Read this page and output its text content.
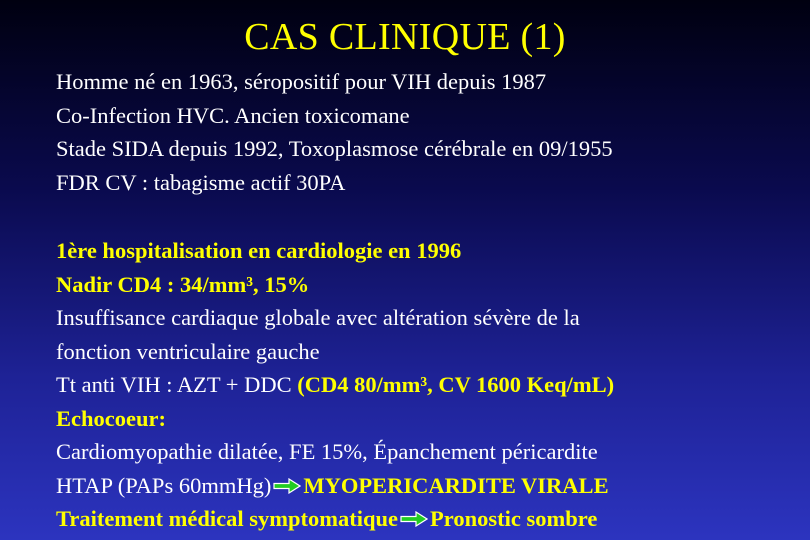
CAS CLINIQUE (1)
Homme né en 1963, séropositif pour VIH depuis 1987
Co-Infection HVC. Ancien toxicomane
Stade SIDA depuis 1992, Toxoplasmose cérébrale en 09/1955
FDR CV : tabagisme actif 30PA
1ère hospitalisation en cardiologie en 1996
Nadir CD4 : 34/mm³, 15%
Insuffisance cardiaque globale avec altération sévère de la
fonction ventriculaire gauche
Tt anti VIH : AZT + DDC (CD4 80/mm³, CV 1600 Keq/mL)
Echocoeur:
Cardiomyopathie dilatée, FE 15%, Épanchement péricardite
HTAP (PAPs 60mmHg) MYOPERICARDITE VIRALE
Traitement médical symptomatique Pronostic sombre
